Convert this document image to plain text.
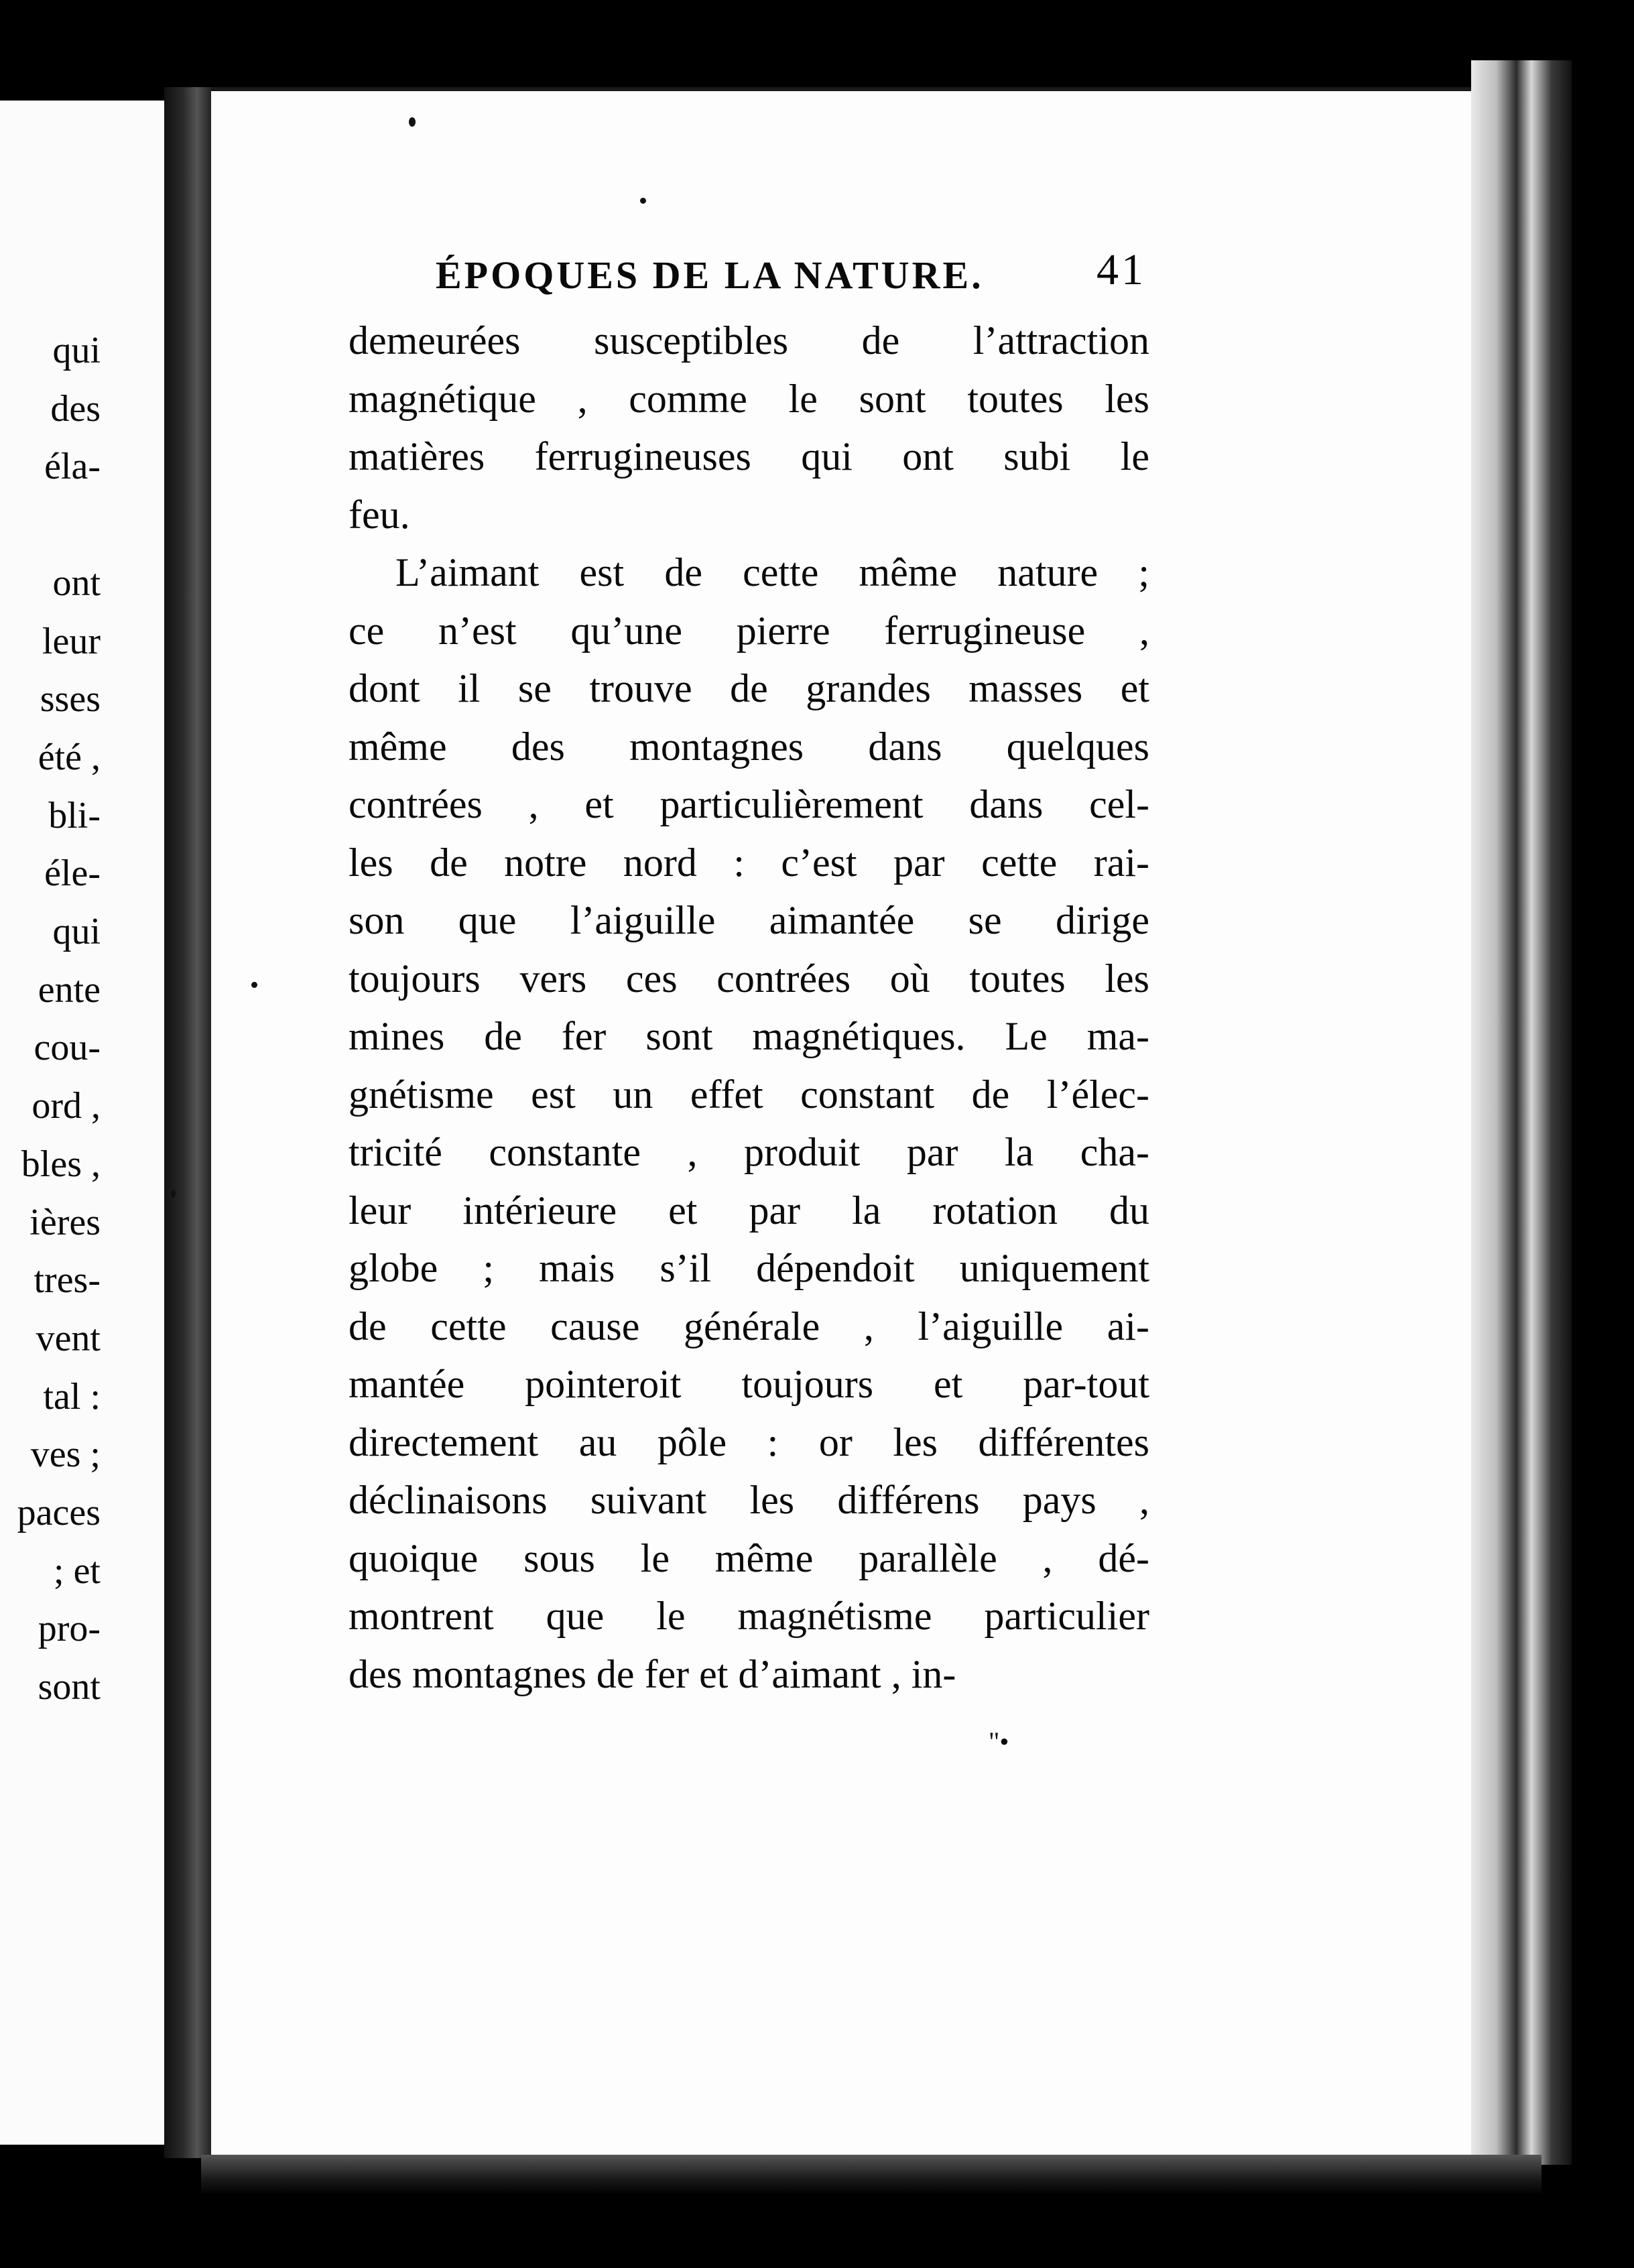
qui
des
éla-

ont
leur
sses
été ,
bli-
éle-
qui
ente
cou-
ord ,
bles ,
ières
tres-
vent
tal :
ves ;
paces
; et
pro-
sont
ÉPOQUES DE LA NATURE.	41
demeurées susceptibles de l’attraction
magnétique , comme le sont toutes les
matières ferrugineuses qui ont subi le
feu.
L’aimant est de cette même nature ;
ce n’est qu’une pierre ferrugineuse ,
dont il se trouve de grandes masses et
même des montagnes dans quelques
contrées , et particulièrement dans cel-
les de notre nord : c’est par cette rai-
son que l’aiguille aimantée se dirige
toujours vers ces contrées où toutes les
mines de fer sont magnétiques. Le ma-
gnétisme est un effet constant de l’élec-
tricité constante , produit par la cha-
leur intérieure et par la rotation du
globe ; mais s’il dépendoit uniquement
de cette cause générale , l’aiguille ai-
mantée pointeroit toujours et par-tout
directement au pôle : or les différentes
déclinaisons suivant les différens pays ,
quoique sous le même parallèle , dé-
montrent que le magnétisme particulier
des montagnes de fer et d’aimant , in-
"•
